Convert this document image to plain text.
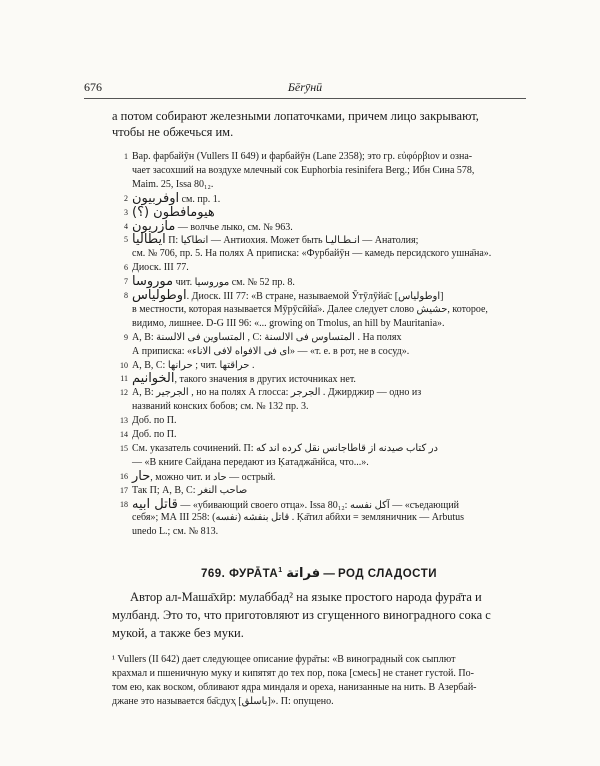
676	Бērӯнӣ
а потом собирают железными лопаточками, причем лицо закрывают,
чтобы не обжечься им.
1 Вар. фарбайӯн (Vullers II 649) и фарбайӯн (Lane 2358); это гр. εὐφόρβιον и озна-
чает засохший на воздухе млечный сок Euphorbia resinifera Berg.; Ибн Сина 578,
Maim. 25, Issa 80₁₂.
2 اوفربيون см. пр. 1.
3 هيومافطون (؟)
4 مازريون — волчье лыко, см. № 963.
5 ايطاليا П: انطاکیا — Антиохия. Может быть انـطـاليـا — Анатолия;
см. № 706, пр. 5. На полях А приписка: «Фурбайӯн — камедь персидского ушна̄на».
6 Диоск. III 77.
7 موروسا чит. موروسيا см. № 52 пр. 8.
8 اوطولياس. Диоск. III 77: «В стране, называемой Ӯтӯлӯйа̄с [اوطولياس]
в местности, которая называется Мӯрӯсӣйа̄». Далее следует слово حشيش, которое,
видимо, лишнее. D-G III 96: «... growing on Tmolus, an hill by Mauritania».
9 А, В: المتساوين فى الالسنة , С: المتساوس فى الالسنة . На полях
А приписка: «اى فى الافواه لافى الاناء» — «т. е. в рот, не в сосуд».
10 А, В, С: حرانها ; чит. حراقتها .
11 الخوانيم, такого значения в других источниках нет.
12 А, В: الجرجير , но на полях А глосса: الجرجر . Джирджир — одно из
названий конских бобов; см. № 132 пр. 3.
13 Доб. по П.
14 Доб. по П.
15 См. указатель сочинений. П: در کتاب صیدنه از قاطاجانس نقل کرده اند که
— «В книге Сайдана передают из Ḳатаджа̄нйса, что...».
16 حار, можно чит. и حاد — острый.
17 Так П; А, В, С: صاحب النغر
18 قاتل ابيه — «убивающий своего отца». Issa 80₁₂: آکل نفسه — «съедающий
себя»; МА III 258: قاتل بنفشه (نفسه) . Ḳа̄тил абӣхи = земляничник — Arbutus
unedo L.; см. № 813.
769. $ФУРА̄ТА^1$ فراتة — РОД СЛАДОСТИ
Автор ал-Маша̄хӣр: мулаббад² на языке простого народа фура̄та и
мулбанд. Это то, что приготовляют из сгущенного виноградного сока с
мукой, а также без муки.
¹ Vullers (II 642) дает следующее описание фура̄ты: «В виноградный сок сыплют
крахмал и пшеничную муку и кипятят до тех пор, пока [смесь] не станет густой. По-
том ею, как воском, обливают ядра миндаля и ореха, нанизанные на нить. В Азербай-
джане это называется ба̄сдуҳ [باسلق]». П: опущено.
